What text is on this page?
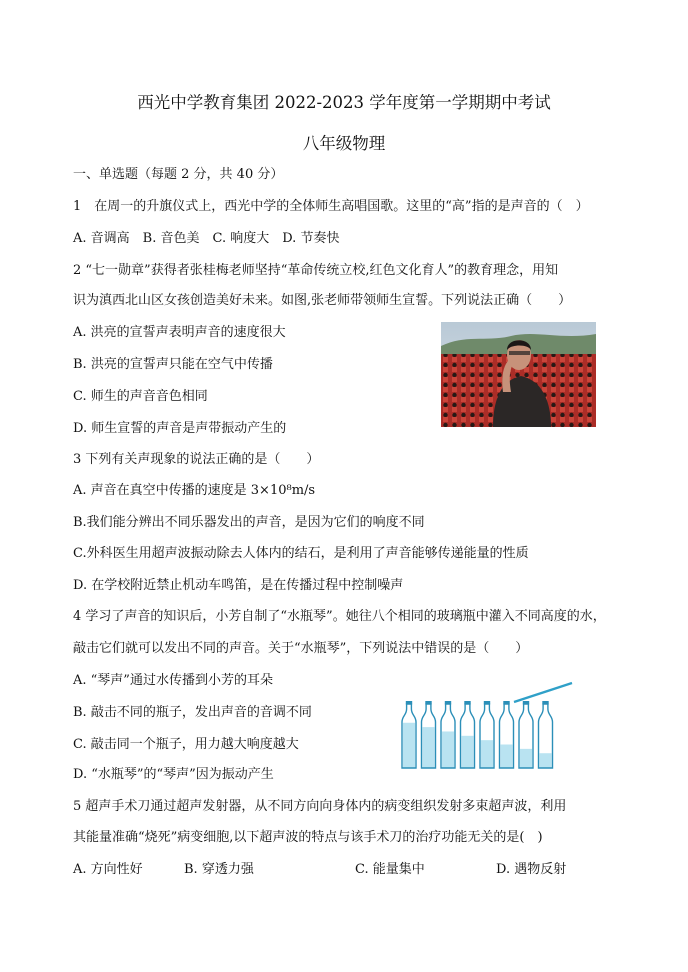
西光中学教育集团 2022-2023 学年度第一学期期中考试
八年级物理
一、单选题（每题 2 分，共 40 分）
1　在周一的升旗仪式上，西光中学的全体师生高唱国歌。这里的“高”指的是声音的（　）
A. 音调高　B. 音色美　C. 响度大　D. 节奏快
2 “七一勋章”获得者张桂梅老师坚持“革命传统立校,红色文化育人”的教育理念，用知
识为滇西北山区女孩创造美好未来。如图,张老师带领师生宣誓。下列说法正确（　　）
A. 洪亮的宣誓声表明声音的速度很大
B. 洪亮的宣誓声只能在空气中传播
C. 师生的声音音色相同
D. 师生宣誓的声音是声带振动产生的
3 下列有关声现象的说法正确的是（　　）
A. 声音在真空中传播的速度是 3×10⁸m/s
B.我们能分辨出不同乐器发出的声音，是因为它们的响度不同
C.外科医生用超声波振动除去人体内的结石，是利用了声音能够传递能量的性质
D. 在学校附近禁止机动车鸣笛，是在传播过程中控制噪声
4 学习了声音的知识后，小芳自制了“水瓶琴”。她往八个相同的玻璃瓶中灌入不同高度的水，
敲击它们就可以发出不同的声音。关于“水瓶琴”，下列说法中错误的是（　　）
A. “琴声”通过水传播到小芳的耳朵
B. 敲击不同的瓶子，发出声音的音调不同
C. 敲击同一个瓶子，用力越大响度越大
D. “水瓶琴”的“琴声”因为振动产生
5 超声手术刀通过超声发射器，从不同方向向身体内的病变组织发射多束超声波，利用
其能量准确“烧死”病变细胞,以下超声波的特点与该手术刀的治疗功能无关的是(　)
A. 方向性好	B. 穿透力强	C. 能量集中	D. 遇物反射
